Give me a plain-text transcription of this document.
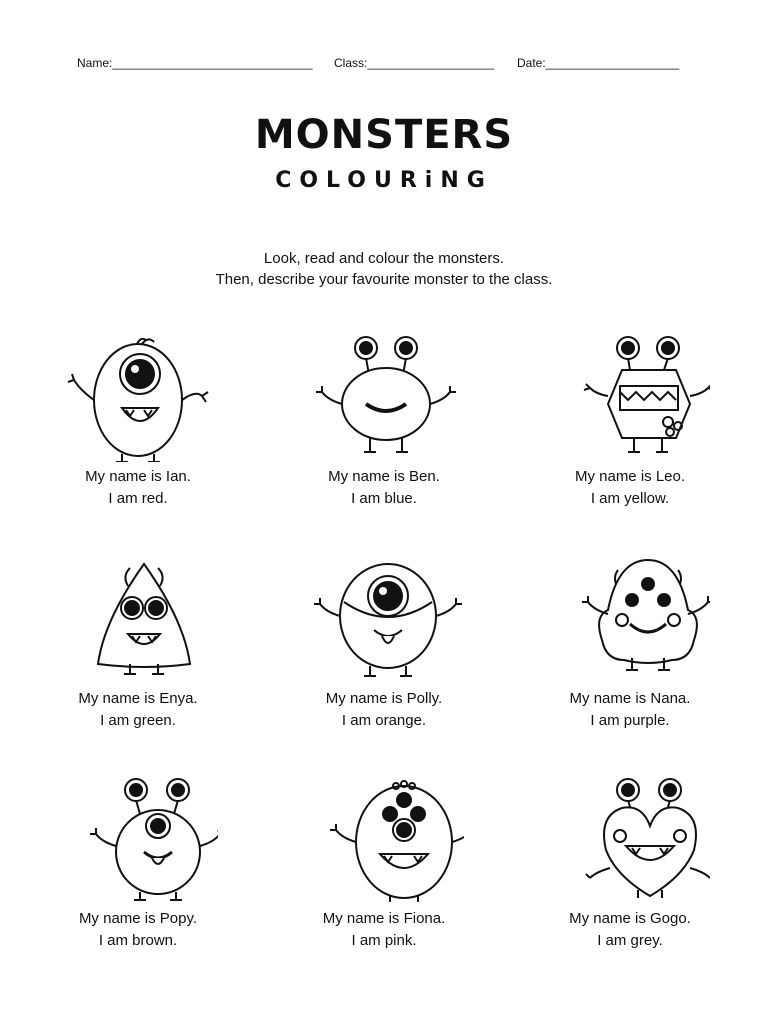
Name:______________________________ Class:___________________ Date:____________________
MONSTERS
COLOURiNG
Look, read and colour the monsters.
Then, describe your favourite monster to the class.
My name is Ian.
I am red.
My name is Ben.
I am blue.
My name is Leo.
I am yellow.
My name is Enya.
I am green.
My name is Polly.
I am orange.
My name is Nana.
I am purple.
My name is Popy.
I am brown.
My name is Fiona.
I am pink.
My name is Gogo.
I am grey.
